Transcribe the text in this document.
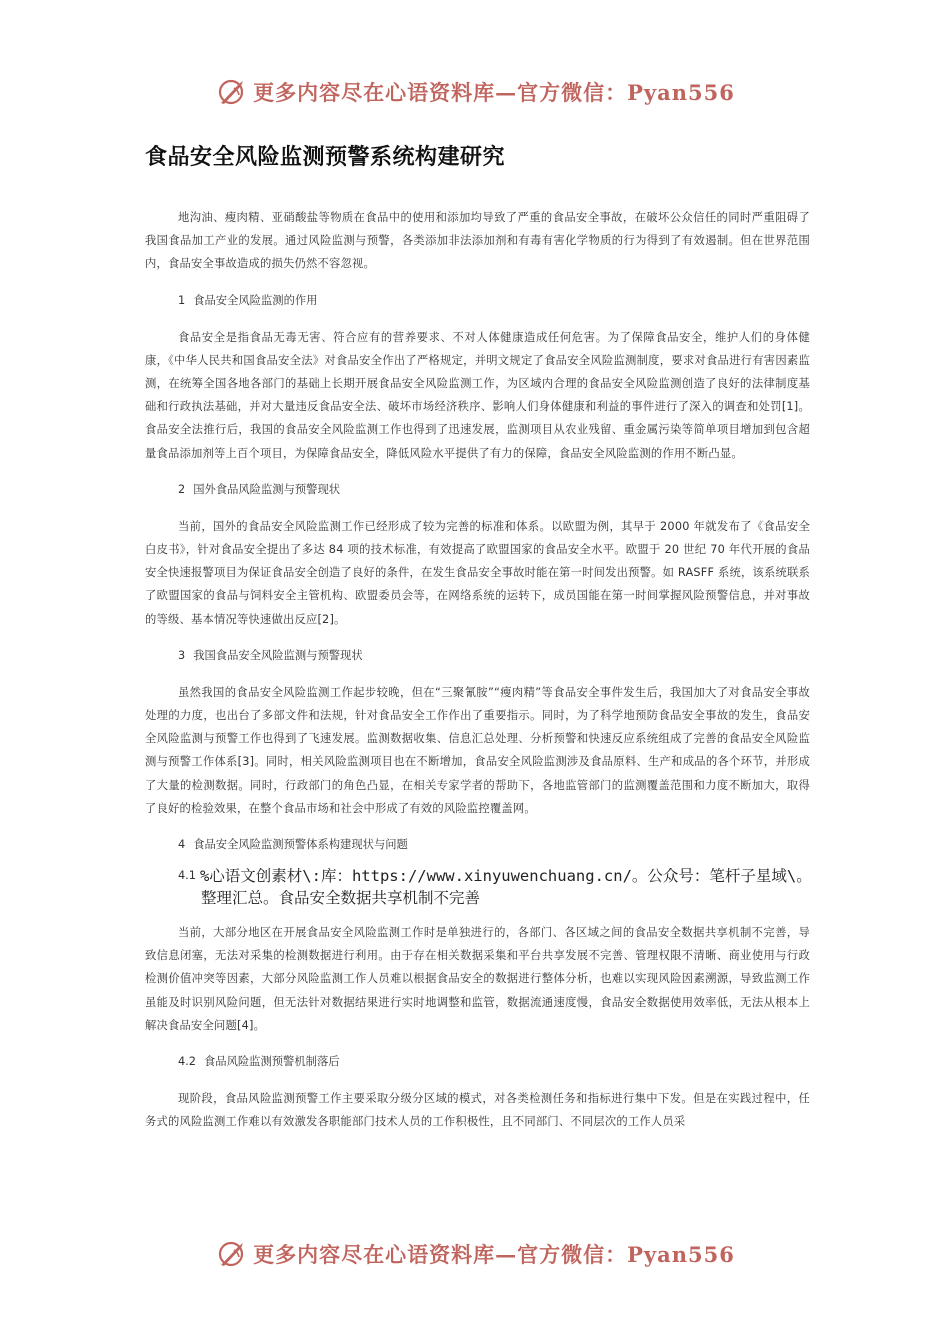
更多内容尽在心语资料库—官方微信：Pyan556
食品安全风险监测预警系统构建研究

地沟油、瘦肉精、亚硝酸盐等物质在食品中的使用和添加均导致了严重的食品安全事故，在破坏公众信任的同时严重阻碍了我国食品加工产业的发展。通过风险监测与预警，各类添加非法添加剂和有毒有害化学物质的行为得到了有效遏制。但在世界范围内，食品安全事故造成的损失仍然不容忽视。

1 食品安全风险监测的作用

食品安全是指食品无毒无害、符合应有的营养要求、不对人体健康造成任何危害。为了保障食品安全，维护人们的身体健康，《中华人民共和国食品安全法》对食品安全作出了严格规定，并明文规定了食品安全风险监测制度，要求对食品进行有害因素监测，在统筹全国各地各部门的基础上长期开展食品安全风险监测工作，为区域内合理的食品安全风险监测创造了良好的法律制度基础和行政执法基础，并对大量违反食品安全法、破坏市场经济秩序、影响人们身体健康和利益的事件进行了深入的调查和处罚[1]。食品安全法推行后，我国的食品安全风险监测工作也得到了迅速发展，监测项目从农业残留、重金属污染等简单项目增加到包含超量食品添加剂等上百个项目，为保障食品安全，降低风险水平提供了有力的保障，食品安全风险监测的作用不断凸显。

2 国外食品风险监测与预警现状

当前，国外的食品安全风险监测工作已经形成了较为完善的标准和体系。以欧盟为例，其早于 2000 年就发布了《食品安全白皮书》，针对食品安全提出了多达 84 项的技术标准，有效提高了欧盟国家的食品安全水平。欧盟于 20 世纪 70 年代开展的食品安全快速报警项目为保证食品安全创造了良好的条件，在发生食品安全事故时能在第一时间发出预警。如 RASFF 系统，该系统联系了欧盟国家的食品与饲料安全主管机构、欧盟委员会等，在网络系统的运转下，成员国能在第一时间掌握风险预警信息，并对事故的等级、基本情况等快速做出反应[2]。

3 我国食品安全风险监测与预警现状

虽然我国的食品安全风险监测工作起步较晚，但在“三聚氰胺”“瘦肉精”等食品安全事件发生后，我国加大了对食品安全事故处理的力度，也出台了多部文件和法规，针对食品安全工作作出了重要指示。同时，为了科学地预防食品安全事故的发生，食品安全风险监测与预警工作也得到了飞速发展。监测数据收集、信息汇总处理、分析预警和快速反应系统组成了完善的食品安全风险监测与预警工作体系[3]。同时，相关风险监测项目也在不断增加，食品安全风险监测涉及食品原料、生产和成品的各个环节，并形成了大量的检测数据。同时，行政部门的角色凸显，在相关专家学者的帮助下，各地监管部门的监测覆盖范围和力度不断加大，取得了良好的检验效果，在整个食品市场和社会中形成了有效的风险监控覆盖网。

4 食品安全风险监测预警体系构建现状与问题
4.1 %心语文创素材\:库：https://www.xinyuwenchuang.cn/。公众号：笔杆子星域\。
整理汇总。食品安全数据共享机制不完善

当前，大部分地区在开展食品安全风险监测工作时是单独进行的，各部门、各区域之间的食品安全数据共享机制不完善，导致信息闭塞，无法对采集的检测数据进行利用。由于存在相关数据采集和平台共享发展不完善、管理权限不清晰、商业使用与行政检测价值冲突等因素，大部分风险监测工作人员难以根据食品安全的数据进行整体分析，也难以实现风险因素溯源，导致监测工作虽能及时识别风险问题，但无法针对数据结果进行实时地调整和监管，数据流通速度慢，食品安全数据使用效率低，无法从根本上解决食品安全问题[4]。

4.2 食品风险监测预警机制落后

现阶段，食品风险监测预警工作主要采取分级分区域的模式，对各类检测任务和指标进行集中下发。但是在实践过程中，任务式的风险监测工作难以有效激发各职能部门技术人员的工作积极性，且不同部门、不同层次的工作人员采

更多内容尽在心语资料库—官方微信：Pyan556
